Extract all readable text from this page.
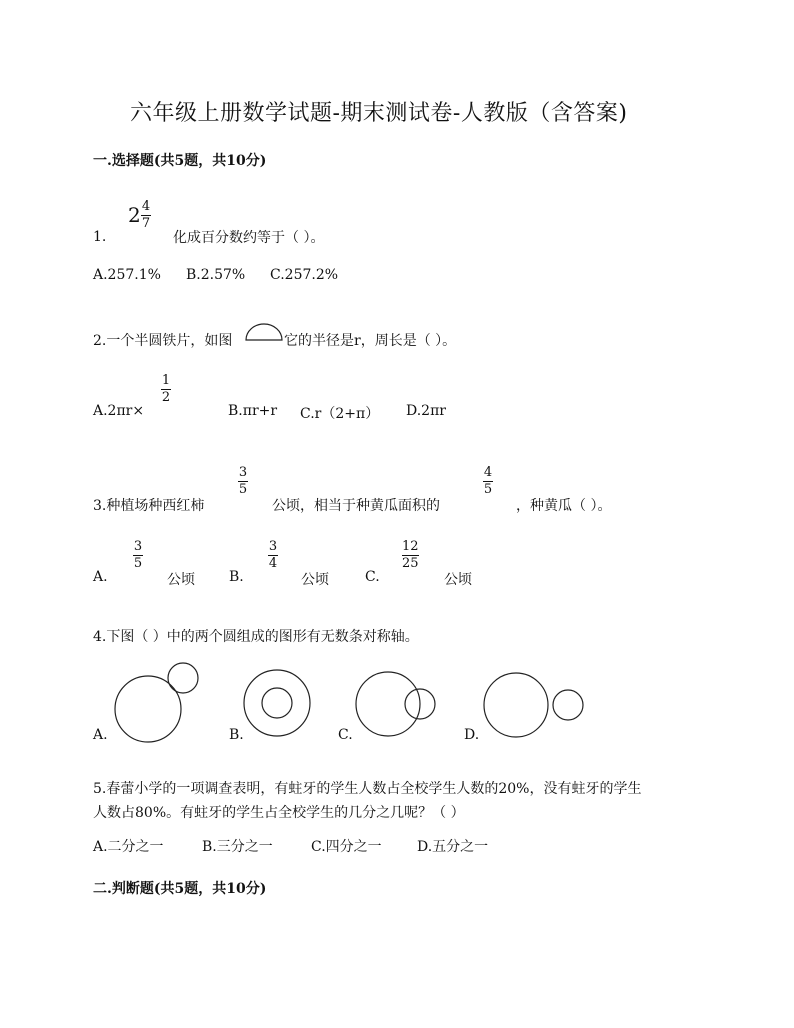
六年级上册数学试题-期末测试卷-人教版（含答案)
一.选择题(共5题，共10分)
1.
2 4
7
化成百分数约等于（ ）。
A.257.1% B.2.57% C.257.2%
2.一个半圆铁片，如图	它的半径是r，周长是（ ）。
A.2πr×
1
2
B.πr+r C.r（2+π） D.2πr
3.种植场种西红柿
3
5
公顷，相当于种黄瓜面积的
4
5
，种黄瓜（ ）。
A.
3
5
公顷 B.
3
4
公顷	C.
12
25
公顷
4.下图（ ）中的两个圆组成的图形有无数条对称轴。
A.	B.	C.	D.
5.春蕾小学的一项调查表明，有蛀牙的学生人数占全校学生人数的20%，没有蛀牙的学生
人数占80%。有蛀牙的学生占全校学生的几分之几呢？（ ）
A.二分之一	B.三分之一	C.四分之一	D.五分之一
二.判断题(共5题，共10分)
